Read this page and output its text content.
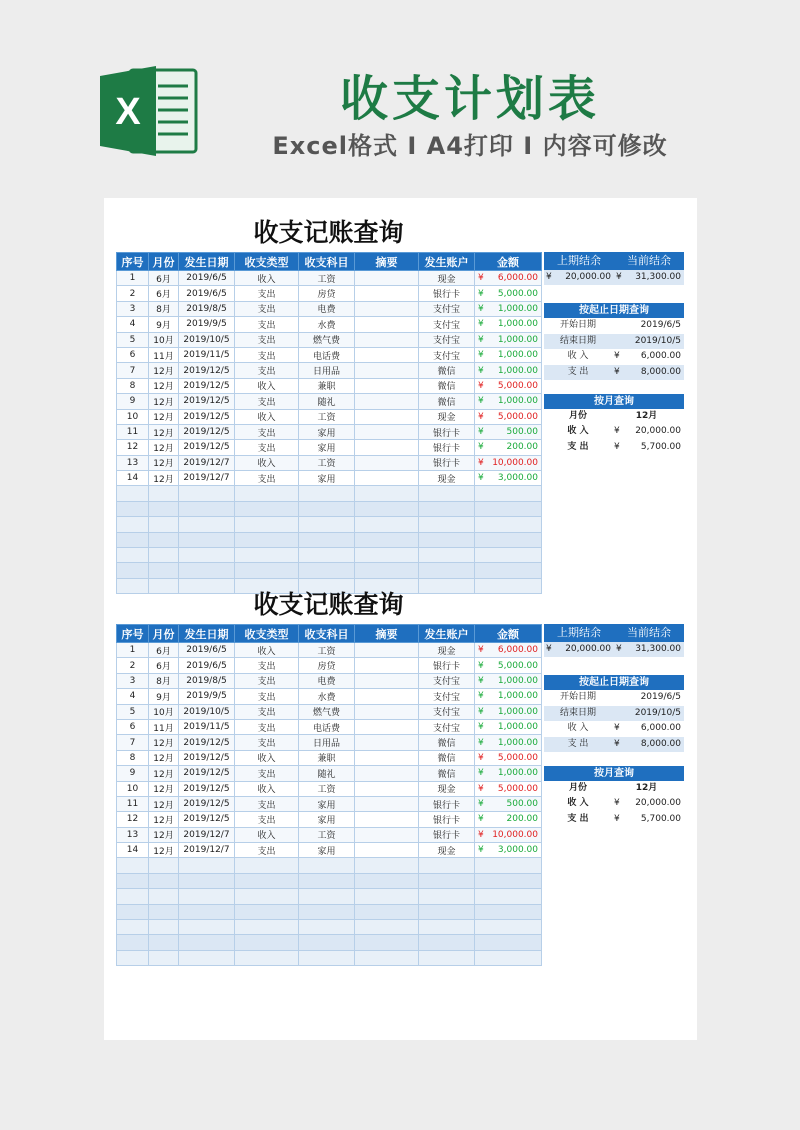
X	收支计划表
Excel格式 I A4打印 I 内容可修改
收支记账查询
序号	月份	发生日期	收支类型	收支科目	摘要	发生账户	金额
1	6月	2019/6/5	收入	工资		现金	¥ 6,000.00
2	6月	2019/6/5	支出	房贷		银行卡	¥ 5,000.00
3	8月	2019/8/5	支出	电费		支付宝	¥ 1,000.00
4	9月	2019/9/5	支出	水费		支付宝	¥ 1,000.00
5	10月	2019/10/5	支出	燃气费		支付宝	¥ 1,000.00
6	11月	2019/11/5	支出	电话费		支付宝	¥ 1,000.00
7	12月	2019/12/5	支出	日用品		微信	¥ 1,000.00
8	12月	2019/12/5	收入	兼职		微信	¥ 5,000.00
9	12月	2019/12/5	支出	随礼		微信	¥ 1,000.00
10	12月	2019/12/5	收入	工资		现金	¥ 5,000.00
11	12月	2019/12/5	支出	家用		银行卡	¥ 500.00
12	12月	2019/12/5	支出	家用		银行卡	¥ 200.00
13	12月	2019/12/7	收入	工资		银行卡	¥ 10,000.00
14	12月	2019/12/7	支出	家用		现金	¥ 3,000.00

上期结余	当前结余
¥ 20,000.00 ¥ 31,300.00
按起止日期查询
开始日期	2019/6/5
结束日期	2019/10/5
收 入	¥ 6,000.00
支 出	¥ 8,000.00
按月查询
月份	12月
收 入	¥ 20,000.00
支 出	¥ 5,700.00
收支记账查询
序号	月份	发生日期	收支类型	收支科目	摘要	发生账户	金额
1	6月	2019/6/5	收入	工资		现金	¥ 6,000.00
2	6月	2019/6/5	支出	房贷		银行卡	¥ 5,000.00
3	8月	2019/8/5	支出	电费		支付宝	¥ 1,000.00
4	9月	2019/9/5	支出	水费		支付宝	¥ 1,000.00
5	10月	2019/10/5	支出	燃气费		支付宝	¥ 1,000.00
6	11月	2019/11/5	支出	电话费		支付宝	¥ 1,000.00
7	12月	2019/12/5	支出	日用品		微信	¥ 1,000.00
8	12月	2019/12/5	收入	兼职		微信	¥ 5,000.00
9	12月	2019/12/5	支出	随礼		微信	¥ 1,000.00
10	12月	2019/12/5	收入	工资		现金	¥ 5,000.00
11	12月	2019/12/5	支出	家用		银行卡	¥ 500.00
12	12月	2019/12/5	支出	家用		银行卡	¥ 200.00
13	12月	2019/12/7	收入	工资		银行卡	¥ 10,000.00
14	12月	2019/12/7	支出	家用		现金	¥ 3,000.00

上期结余	当前结余
¥ 20,000.00 ¥ 31,300.00
按起止日期查询
开始日期	2019/6/5
结束日期	2019/10/5
收 入	¥ 6,000.00
支 出	¥ 8,000.00
按月查询
月份	12月
收 入	¥ 20,000.00
支 出	¥ 5,700.00
